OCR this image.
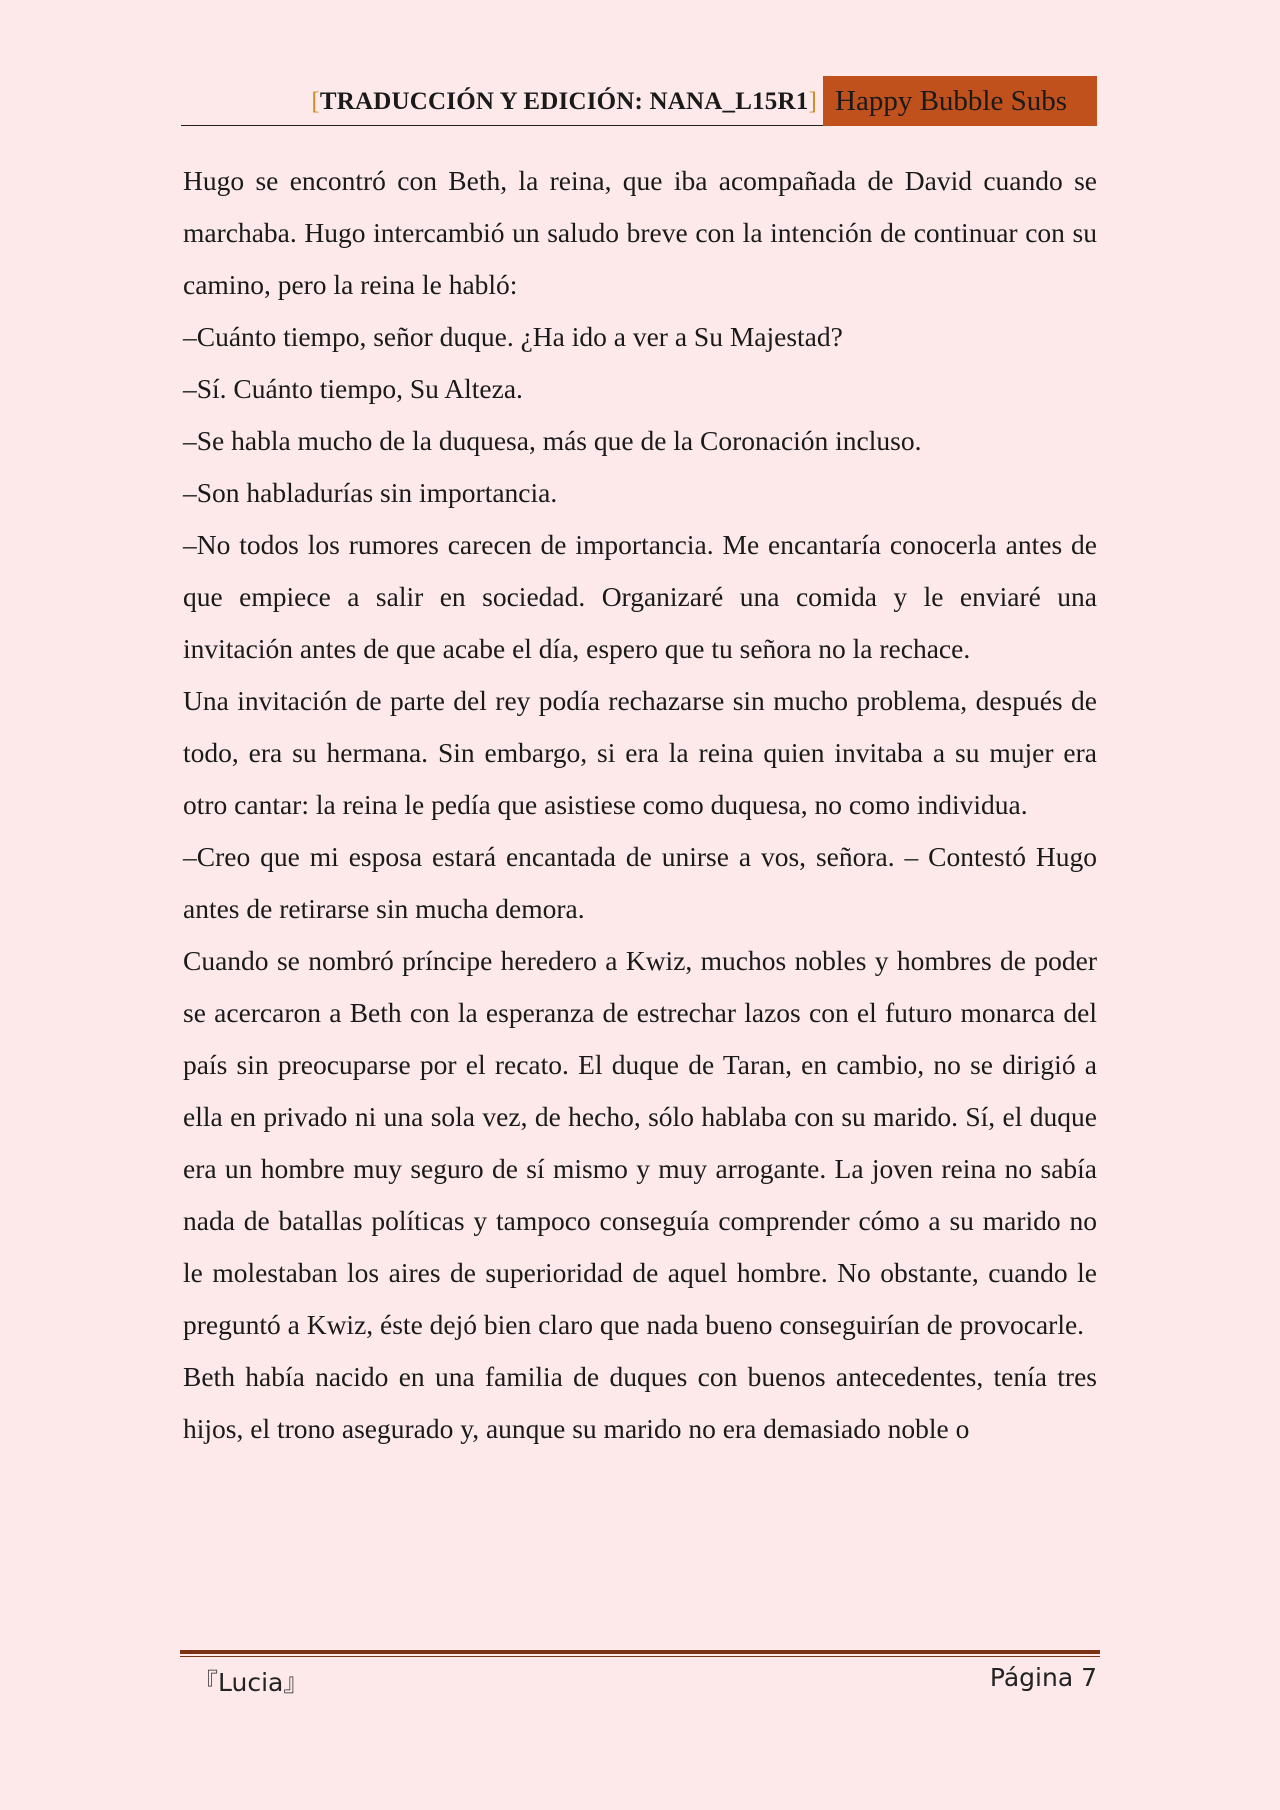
[TRADUCCIÓN Y EDICIÓN: NANA_L15R1] Happy Bubble Subs

Hugo se encontró con Beth, la reina, que iba acompañada de David cuando se marchaba. Hugo intercambió un saludo breve con la intención de continuar con su camino, pero la reina le habló:

–Cuánto tiempo, señor duque. ¿Ha ido a ver a Su Majestad?

–Sí. Cuánto tiempo, Su Alteza.

–Se habla mucho de la duquesa, más que de la Coronación incluso.

–Son habladurías sin importancia.

–No todos los rumores carecen de importancia. Me encantaría conocerla antes de que empiece a salir en sociedad. Organizaré una comida y le enviaré una invitación antes de que acabe el día, espero que tu señora no la rechace.

Una invitación de parte del rey podía rechazarse sin mucho problema, después de todo, era su hermana. Sin embargo, si era la reina quien invitaba a su mujer era otro cantar: la reina le pedía que asistiese como duquesa, no como individua.

–Creo que mi esposa estará encantada de unirse a vos, señora. – Contestó Hugo antes de retirarse sin mucha demora.

Cuando se nombró príncipe heredero a Kwiz, muchos nobles y hombres de poder se acercaron a Beth con la esperanza de estrechar lazos con el futuro monarca del país sin preocuparse por el recato. El duque de Taran, en cambio, no se dirigió a ella en privado ni una sola vez, de hecho, sólo hablaba con su marido. Sí, el duque era un hombre muy seguro de sí mismo y muy arrogante. La joven reina no sabía nada de batallas políticas y tampoco conseguía comprender cómo a su marido no le molestaban los aires de superioridad de aquel hombre. No obstante, cuando le preguntó a Kwiz, éste dejó bien claro que nada bueno conseguirían de provocarle.

Beth había nacido en una familia de duques con buenos antecedentes, tenía tres hijos, el trono asegurado y, aunque su marido no era demasiado noble o

『Lucia』	Página 7
